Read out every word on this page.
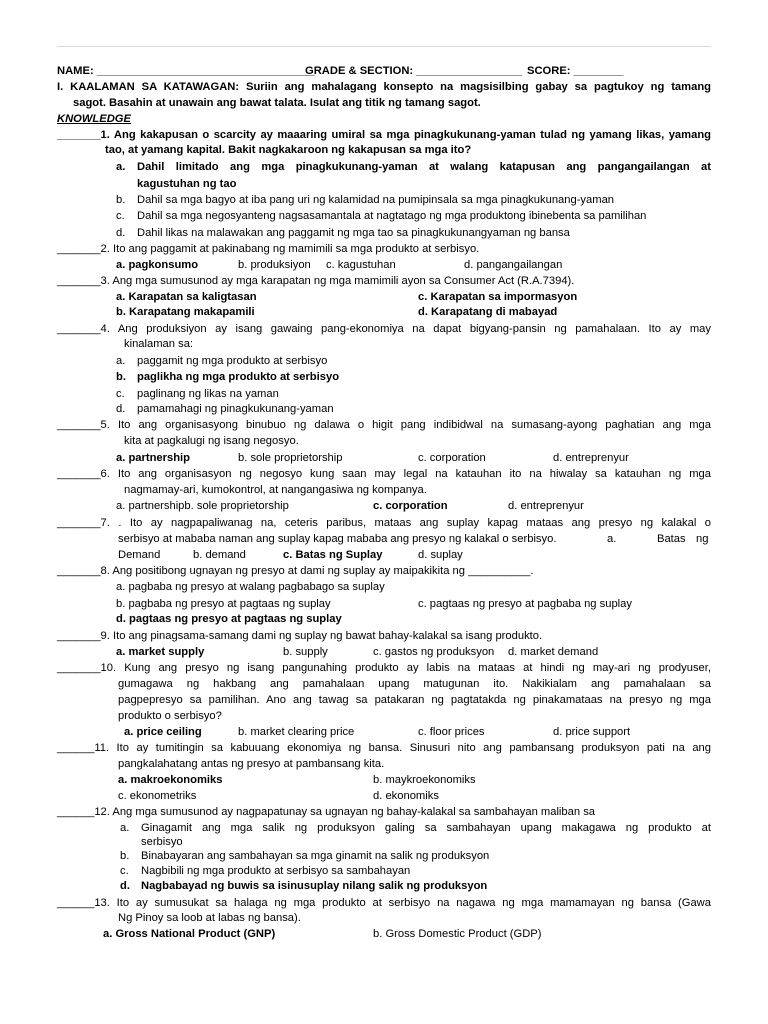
NAME: ___________________________________
GRADE & SECTION: _________________ SCORE: ________
I. KAALAMAN SA KATAWAGAN: Suriin ang mahalagang konsepto na magsisilbing gabay sa pagtukoy ng tamang
sagot. Basahin at unawain ang bawat talata. Isulat ang titik ng tamang sagot.
KNOWLEDGE
_______1. Ang kakapusan o scarcity ay maaaring umiral sa mga pinagkukunang-yaman tulad ng yamang likas, yamang
tao, at yamang kapital. Bakit nagkakaroon ng kakapusan sa mga ito?
a. Dahil limitado ang mga pinagkukunang-yaman at walang katapusan ang pangangailangan at
kagustuhan ng tao
b. Dahil sa mga bagyo at iba pang uri ng kalamidad na pumipinsala sa mga pinagkukunang-yaman
c. Dahil sa mga negosyanteng nagsasamantala at nagtatago ng mga produktong ibinebenta sa pamilihan
d. Dahil likas na malawakan ang paggamit ng mga tao sa pinagkukunangyaman ng bansa
_______2. Ito ang paggamit at pakinabang ng mamimili sa mga produkto at serbisyo.
a. pagkonsumo	b. produksiyon c. kagustuhan	d. pangangailangan
_______3. Ang mga sumusunod ay mga karapatan ng mga mamimili ayon sa Consumer Act (R.A.7394).
a. Karapatan sa kaligtasan	c. Karapatan sa impormasyon
b. Karapatang makapamili	d. Karapatang di mabayad
_______4. Ang produksiyon ay isang gawaing pang-ekonomiya na dapat bigyang-pansin ng pamahalaan. Ito ay may
kinalaman sa:
a. paggamit ng mga produkto at serbisyo
b. paglikha ng mga produkto at serbisyo
c. paglinang ng likas na yaman
d. pamamahagi ng pinagkukunang-yaman
_______5. Ito ang organisasyong binubuo ng dalawa o higit pang indibidwal na sumasang-ayong paghatian ang mga
kita at pagkalugi ng isang negosyo.
a. partnership	b. sole proprietorship	c. corporation	d. entreprenyur
_______6. Ito ang organisasyon ng negosyo kung saan may legal na katauhan ito na hiwalay sa katauhan ng mga
nagmamay-ari, kumokontrol, at nangangasiwa ng kompanya.
a. partnershipb. sole proprietorship	c. corporation	d. entreprenyur
_______7. . Ito ay nagpapaliwanag na, ceteris paribus, mataas ang suplay kapag mataas ang presyo ng kalakal o
serbisyo at mababa naman ang suplay kapag mababa ang presyo ng kalakal o serbisyo.	a.	Batas ng
Demand	b. demand	c. Batas ng Suplay	d. suplay
_______8. Ang positibong ugnayan ng presyo at dami ng suplay ay maipakikita ng __________.
a. pagbaba ng presyo at walang pagbabago sa suplay
b. pagbaba ng presyo at pagtaas ng suplay	c. pagtaas ng presyo at pagbaba ng suplay
d. pagtaas ng presyo at pagtaas ng suplay
_______9. Ito ang pinagsama-samang dami ng suplay ng bawat bahay-kalakal sa isang produkto.
a. market supply	b. supply	c. gastos ng produksyon d. market demand
_______10. Kung ang presyo ng isang pangunahing produkto ay labis na mataas at hindi ng may-ari ng prodyuser,
gumagawa ng hakbang ang pamahalaan upang matugunan ito. Nakikialam ang pamahalaan sa
pagpepresyo sa pamilihan. Ano ang tawag sa patakaran ng pagtatakda ng pinakamataas na presyo ng mga
produkto o serbisyo?
a. price ceiling	b. market clearing price	c. floor prices	d. price support
______11. Ito ay tumitingin sa kabuuang ekonomiya ng bansa. Sinusuri nito ang pambansang produksyon pati na ang
pangkalahatang antas ng presyo at pambansang kita.
a. makroekonomiks	b. maykroekonomiks
c. ekonometriks	d. ekonomiks
______12. Ang mga sumusunod ay nagpapatunay sa ugnayan ng bahay-kalakal sa sambahayan maliban sa
a. Ginagamit ang mga salik ng produksyon galing sa sambahayan upang makagawa ng produkto at
serbisyo
b. Binabayaran ang sambahayan sa mga ginamit na salik ng produksyon
c. Nagbibili ng mga produkto at serbisyo sa sambahayan
d. Nagbabayad ng buwis sa isinusuplay nilang salik ng produksyon
______13. Ito ay sumusukat sa halaga ng mga produkto at serbisyo na nagawa ng mga mamamayan ng bansa (Gawa
Ng Pinoy sa loob at labas ng bansa).
a. Gross National Product (GNP)	b. Gross Domestic Product (GDP)
